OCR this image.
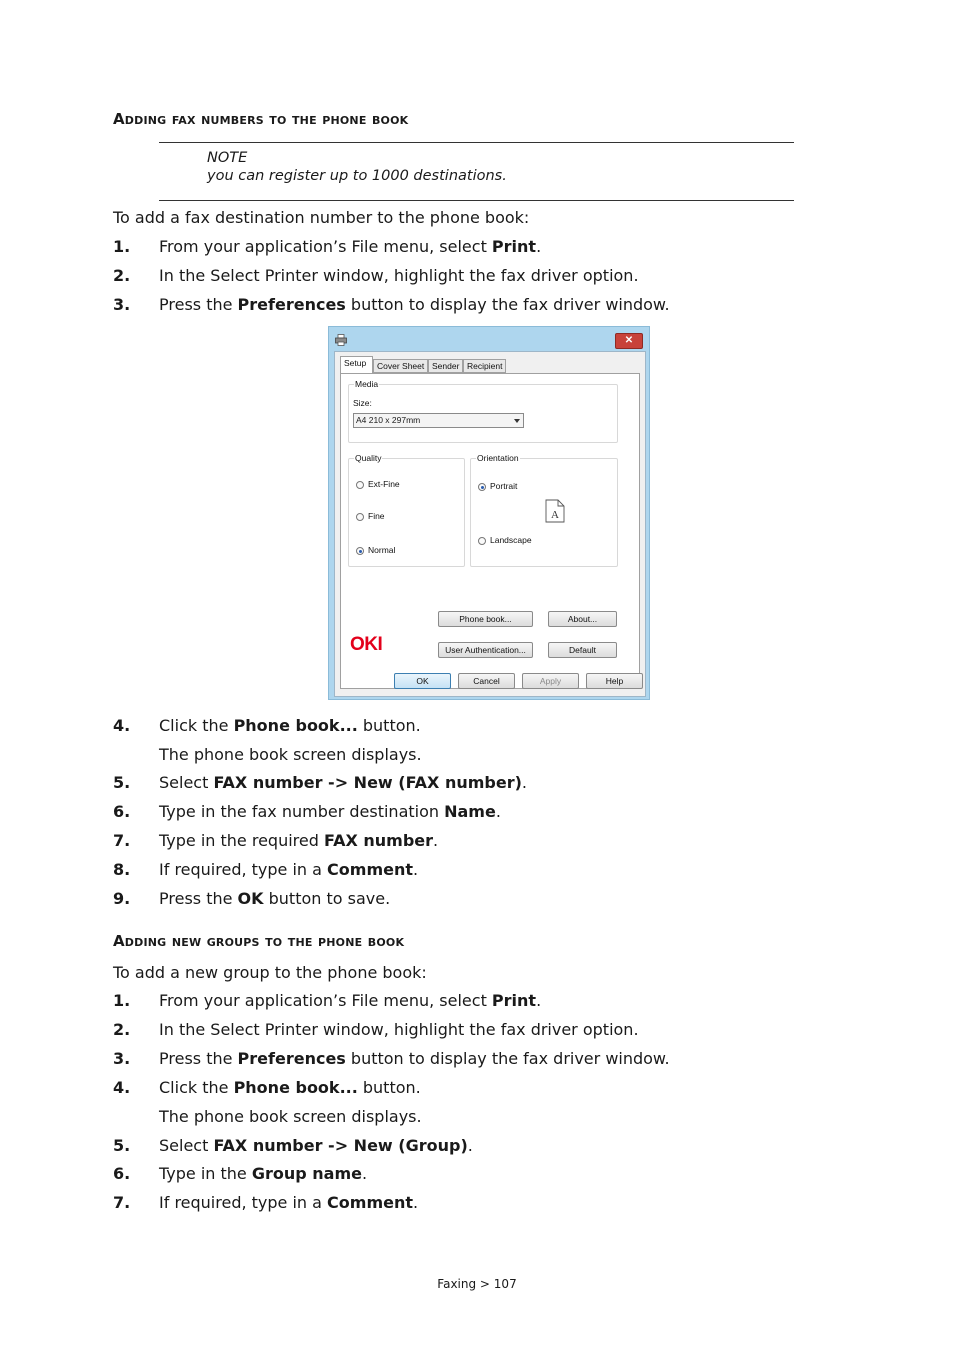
Adding fax numbers to the phone book
NOTE
you can register up to 1000 destinations.
To add a fax destination number to the phone book:
1. From your application’s File menu, select Print.
2. In the Select Printer window, highlight the fax driver option.
3. Press the Preferences button to display the fax driver window.
✕
Setup	Cover Sheet Sender Recipient
Media
Size:
A4 210 x 297mm
Quality
Ext-Fine
Fine
Normal
Orientation
Portrait
A
Landscape
Phone book...	About...
OKI	User Authentication...	Default
OK	Cancel	Apply	Help
4. Click the Phone book... button.
The phone book screen displays.
5. Select FAX number -> New (FAX number).
6. Type in the fax number destination Name.
7. Type in the required FAX number.
8. If required, type in a Comment.
9. Press the OK button to save.
Adding new groups to the phone book
To add a new group to the phone book:
1. From your application’s File menu, select Print.
2. In the Select Printer window, highlight the fax driver option.
3. Press the Preferences button to display the fax driver window.
4. Click the Phone book... button.
The phone book screen displays.
5. Select FAX number -> New (Group).
6. Type in the Group name.
7. If required, type in a Comment.
Faxing > 107
